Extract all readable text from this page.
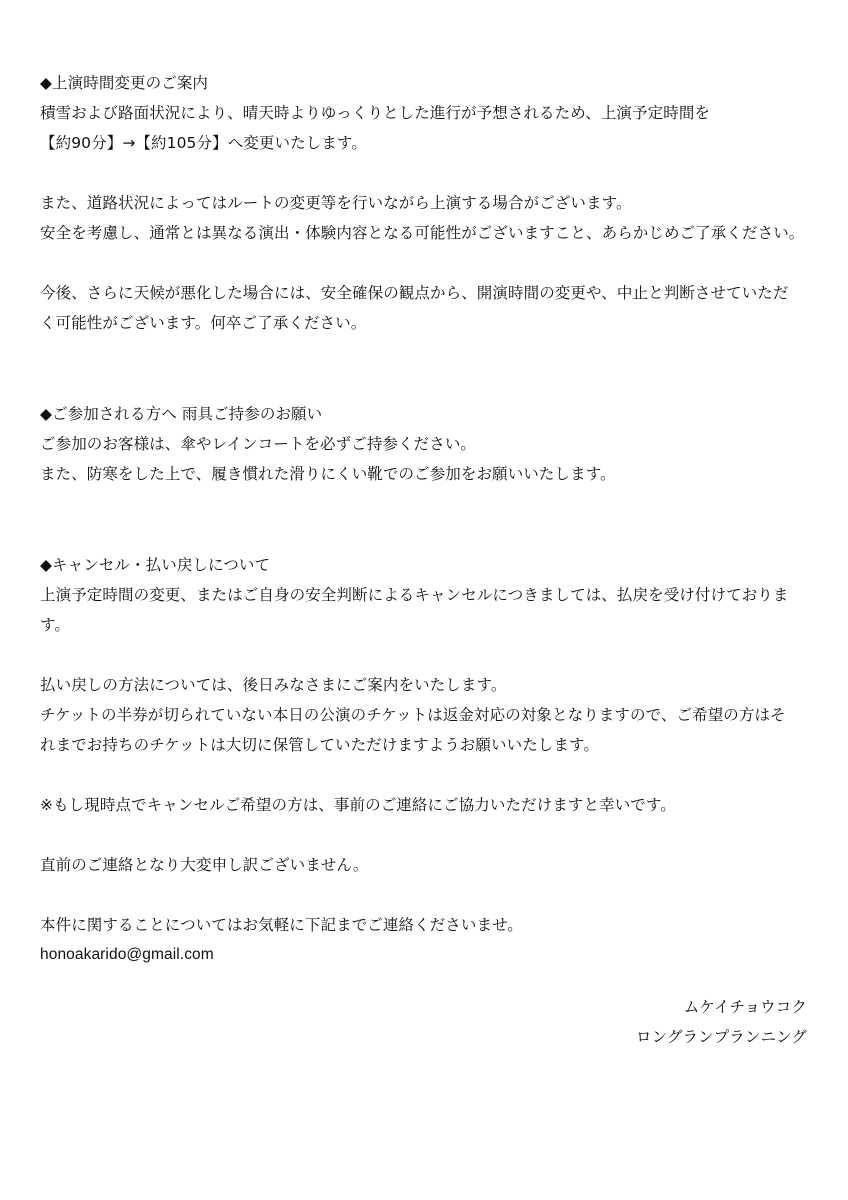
◆上演時間変更のご案内
積雪および路面状況により、晴天時よりゆっくりとした進行が予想されるため、上演予定時間を
【約90分】→【約105分】へ変更いたします。
また、道路状況によってはルートの変更等を行いながら上演する場合がございます。
安全を考慮し、通常とは異なる演出・体験内容となる可能性がございますこと、あらかじめご了承ください。
今後、さらに天候が悪化した場合には、安全確保の観点から、開演時間の変更や、中止と判断させていただ
く可能性がございます。何卒ご了承ください。
◆ご参加される方へ 雨具ご持参のお願い
ご参加のお客様は、傘やレインコートを必ずご持参ください。
また、防寒をした上で、履き慣れた滑りにくい靴でのご参加をお願いいたします。
◆キャンセル・払い戻しについて
上演予定時間の変更、またはご自身の安全判断によるキャンセルにつきましては、払戻を受け付けておりま
す。
払い戻しの方法については、後日みなさまにご案内をいたします。
チケットの半券が切られていない本日の公演のチケットは返金対応の対象となりますので、ご希望の方はそ
れまでお持ちのチケットは大切に保管していただけますようお願いいたします。
※もし現時点でキャンセルご希望の方は、事前のご連絡にご協力いただけますと幸いです。
直前のご連絡となり大変申し訳ございません。
本件に関することについてはお気軽に下記までご連絡くださいませ。
honoakarido@gmail.com
ムケイチョウコク
ロングランプランニング
